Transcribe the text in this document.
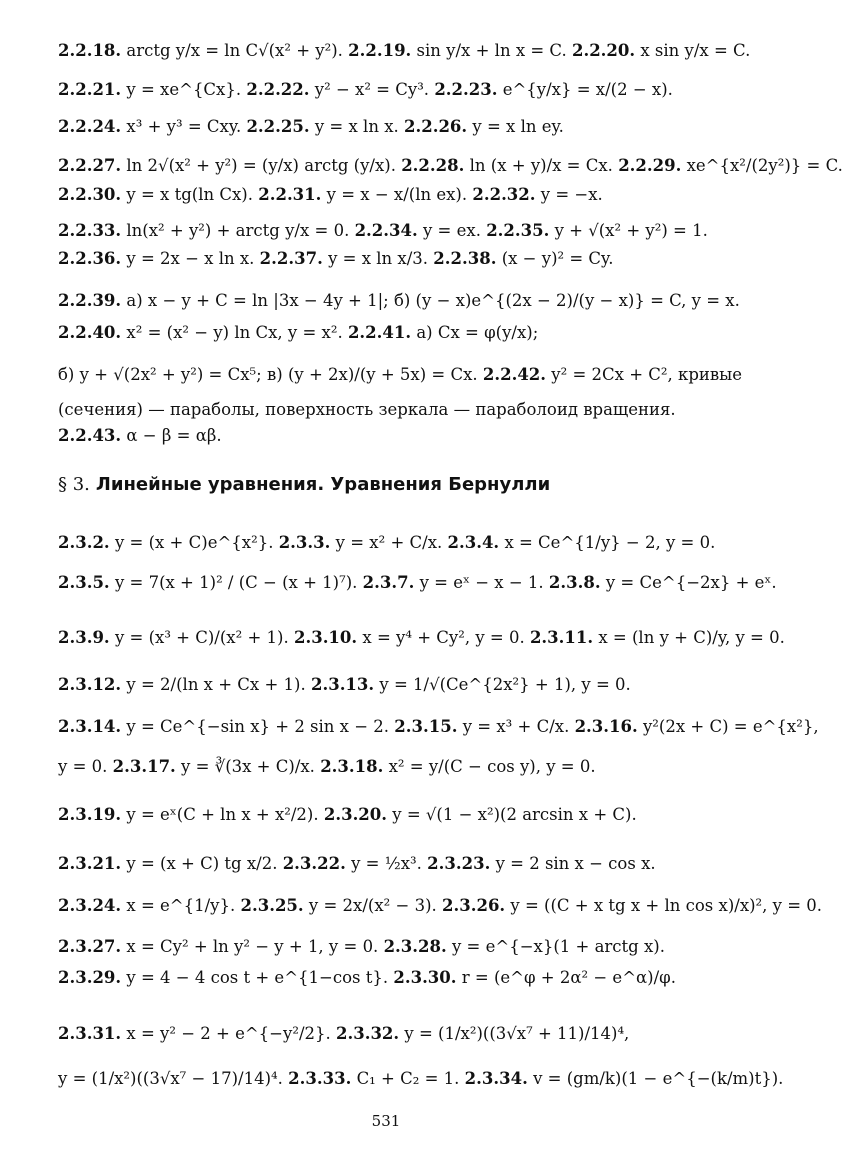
2.2.18. arctg y/x = ln C√(x² + y²). 2.2.19. sin y/x + ln x = C. 2.2.20. x sin y/x = C.
2.2.21. y = xe^{Cx}. 2.2.22. y² − x² = Cy³. 2.2.23. e^{y/x} = x/(2 − x).
2.2.24. x³ + y³ = Cxy. 2.2.25. y = x ln x. 2.2.26. y = x ln ey.
2.2.27. ln 2√(x² + y²) = (y/x) arctg (y/x). 2.2.28. ln (x + y)/x = Cx. 2.2.29. xe^{x²/(2y²)} = C.
2.2.30. y = x tg(ln Cx). 2.2.31. y = x − x/(ln ex). 2.2.32. y = −x.
2.2.33. ln(x² + y²) + arctg y/x = 0. 2.2.34. y = ex. 2.2.35. y + √(x² + y²) = 1.
2.2.36. y = 2x − x ln x. 2.2.37. y = x ln x/3. 2.2.38. (x − y)² = Cy.
2.2.39. а) x − y + C = ln |3x − 4y + 1|; б) (y − x)e^{(2x − 2)/(y − x)} = C, y = x.
2.2.40. x² = (x² − y) ln Cx, y = x². 2.2.41. а) Cx = φ(y/x);
б) y + √(2x² + y²) = Cx⁵; в) (y + 2x)/(y + 5x) = Cx. 2.2.42. y² = 2Cx + C², кривые
(сечения) — параболы, поверхность зеркала — параболоид вращения.
2.2.43. α − β = αβ.
§ 3. Линейные уравнения. Уравнения Бернулли
2.3.2. y = (x + C)e^{x²}. 2.3.3. y = x² + C/x. 2.3.4. x = Ce^{1/y} − 2, y = 0.
2.3.5. y = 7(x + 1)² / (C − (x + 1)⁷). 2.3.7. y = eˣ − x − 1. 2.3.8. y = Ce^{−2x} + eˣ.
2.3.9. y = (x³ + C)/(x² + 1). 2.3.10. x = y⁴ + Cy², y = 0. 2.3.11. x = (ln y + C)/y, y = 0.
2.3.12. y = 2/(ln x + Cx + 1). 2.3.13. y = 1/√(Ce^{2x²} + 1), y = 0.
2.3.14. y = Ce^{−sin x} + 2 sin x − 2. 2.3.15. y = x³ + C/x. 2.3.16. y²(2x + C) = e^{x²},
y = 0. 2.3.17. y = ∛(3x + C)/x. 2.3.18. x² = y/(C − cos y), y = 0.
2.3.19. y = eˣ(C + ln x + x²/2). 2.3.20. y = √(1 − x²)(2 arcsin x + C).
2.3.21. y = (x + C) tg x/2. 2.3.22. y = ½x³. 2.3.23. y = 2 sin x − cos x.
2.3.24. x = e^{1/y}. 2.3.25. y = 2x/(x² − 3). 2.3.26. y = ((C + x tg x + ln cos x)/x)², y = 0.
2.3.27. x = Cy² + ln y² − y + 1, y = 0. 2.3.28. y = e^{−x}(1 + arctg x).
2.3.29. y = 4 − 4 cos t + e^{1−cos t}. 2.3.30. r = (e^φ + 2α² − e^α)/φ.
2.3.31. x = y² − 2 + e^{−y²/2}. 2.3.32. y = (1/x²)((3√x⁷ + 11)/14)⁴,
y = (1/x²)((3√x⁷ − 17)/14)⁴. 2.3.33. C₁ + C₂ = 1. 2.3.34. v = (gm/k)(1 − e^{−(k/m)t}).
531
